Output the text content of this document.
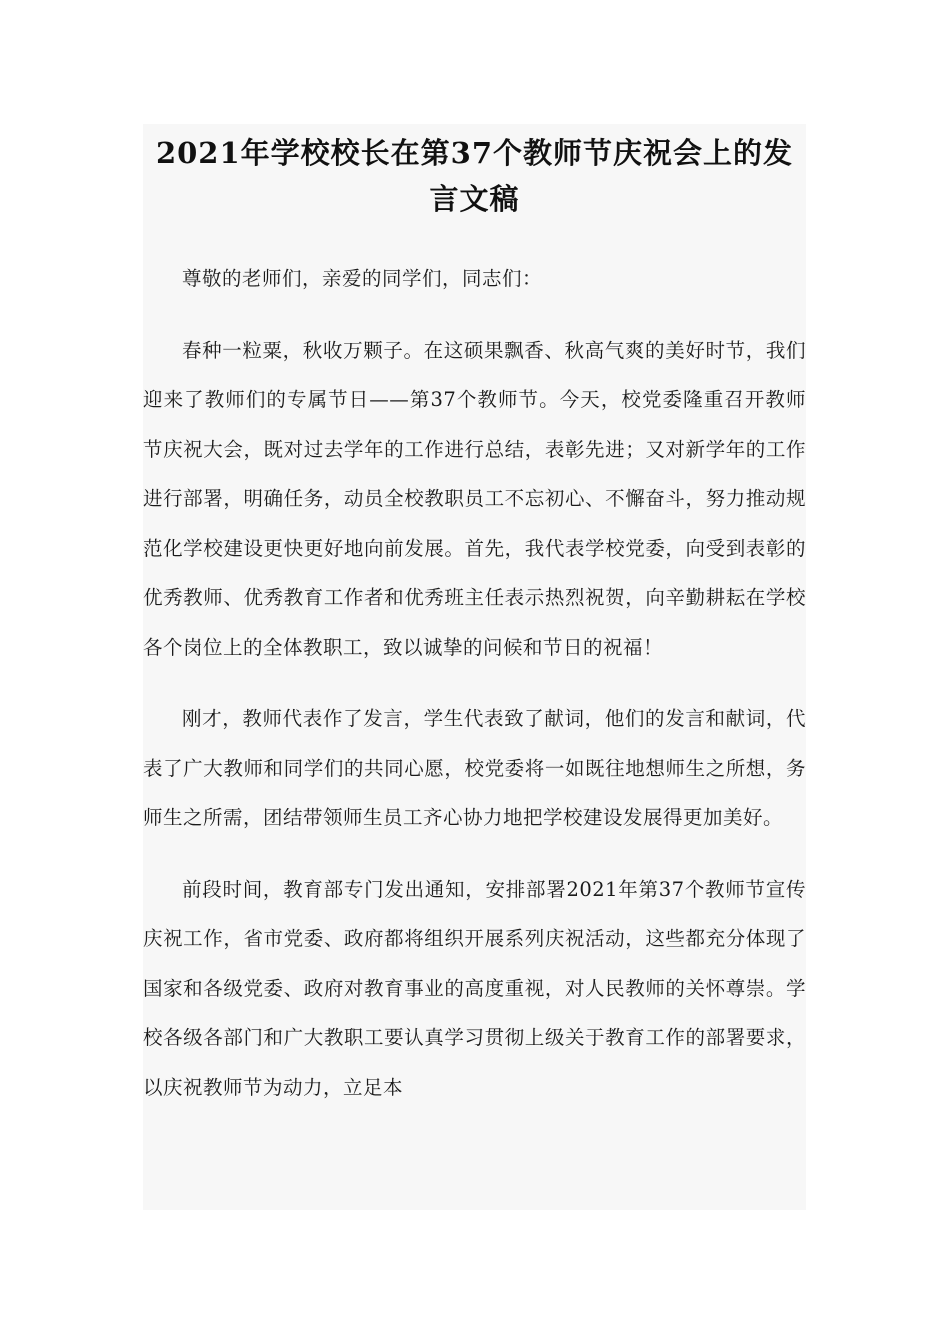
2021年学校校长在第37个教师节庆祝会上的发言文稿

尊敬的老师们，亲爱的同学们，同志们：

春种一粒粟，秋收万颗子。在这硕果飘香、秋高气爽的美好时节，我们迎来了教师们的专属节日——第37个教师节。今天，校党委隆重召开教师节庆祝大会，既对过去学年的工作进行总结，表彰先进；又对新学年的工作进行部署，明确任务，动员全校教职员工不忘初心、不懈奋斗，努力推动规范化学校建设更快更好地向前发展。首先，我代表学校党委，向受到表彰的优秀教师、优秀教育工作者和优秀班主任表示热烈祝贺，向辛勤耕耘在学校各个岗位上的全体教职工，致以诚挚的问候和节日的祝福！

刚才，教师代表作了发言，学生代表致了献词，他们的发言和献词，代表了广大教师和同学们的共同心愿，校党委将一如既往地想师生之所想，务师生之所需，团结带领师生员工齐心协力地把学校建设发展得更加美好。

前段时间，教育部专门发出通知，安排部署2021年第37个教师节宣传庆祝工作，省市党委、政府都将组织开展系列庆祝活动，这些都充分体现了国家和各级党委、政府对教育事业的高度重视，对人民教师的关怀尊崇。学校各级各部门和广大教职工要认真学习贯彻上级关于教育工作的部署要求，以庆祝教师节为动力，立足本
